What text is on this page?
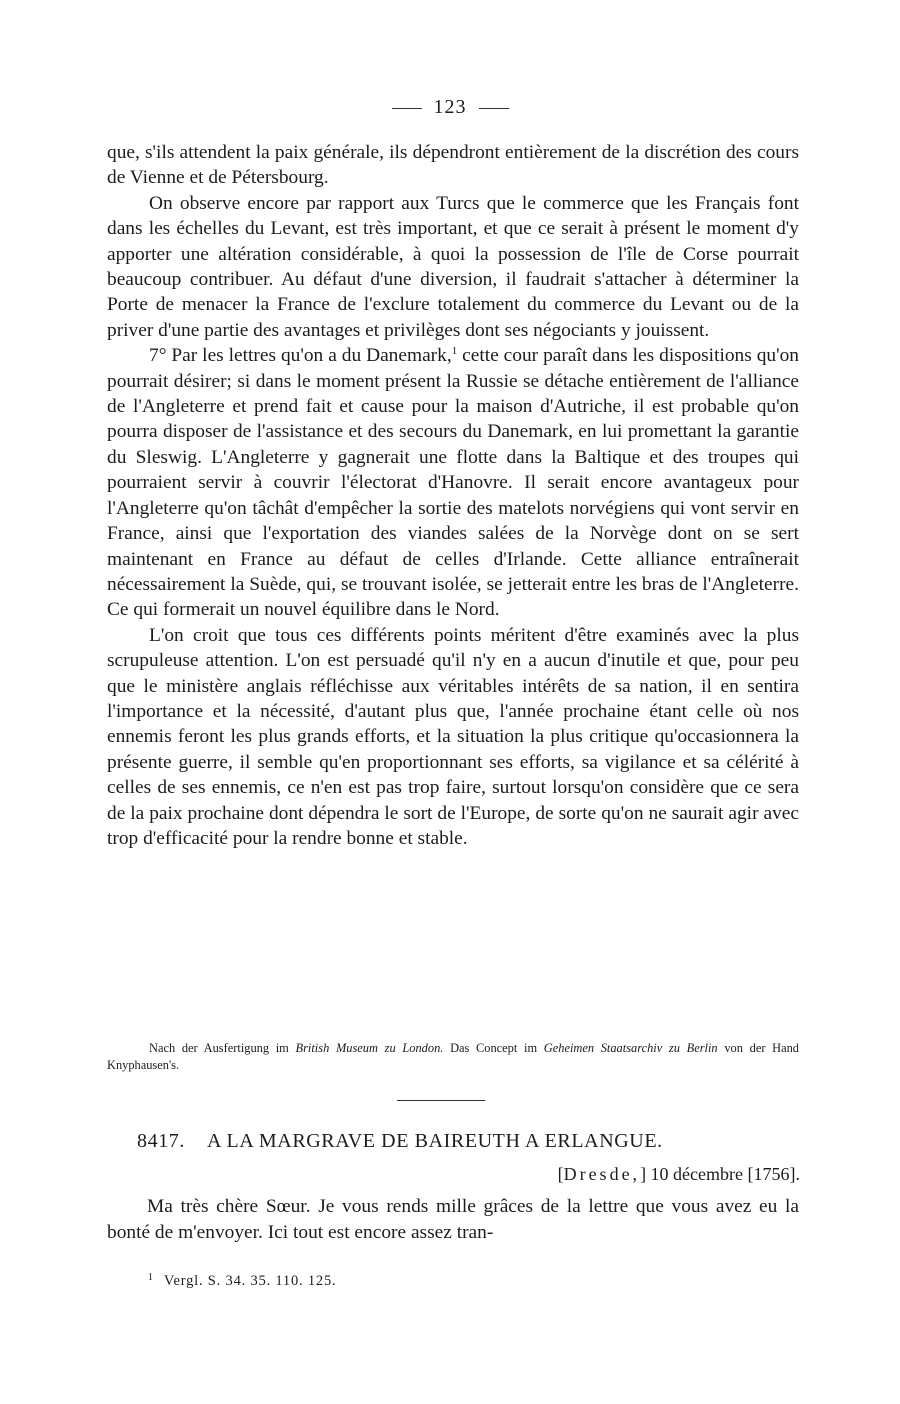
123

que, s'ils attendent la paix générale, ils dépendront entièrement de la discrétion des cours de Vienne et de Pétersbourg.

On observe encore par rapport aux Turcs que le commerce que les Français font dans les échelles du Levant, est très important, et que ce serait à présent le moment d'y apporter une altération considérable, à quoi la possession de l'île de Corse pourrait beaucoup contribuer. Au défaut d'une diversion, il faudrait s'attacher à déterminer la Porte de menacer la France de l'exclure totalement du commerce du Levant ou de la priver d'une partie des avantages et privilèges dont ses négociants y jouissent.

7° Par les lettres qu'on a du Danemark,$^1$ cette cour paraît dans les dispositions qu'on pourrait désirer; si dans le moment présent la Russie se détache entièrement de l'alliance de l'Angleterre et prend fait et cause pour la maison d'Autriche, il est probable qu'on pourra disposer de l'assistance et des secours du Danemark, en lui promettant la garantie du Sleswig. L'Angleterre y gagnerait une flotte dans la Baltique et des troupes qui pourraient servir à couvrir l'électorat d'Hanovre. Il serait encore avantageux pour l'Angleterre qu'on tâchât d'empêcher la sortie des matelots norvégiens qui vont servir en France, ainsi que l'exportation des viandes salées de la Norvège dont on se sert maintenant en France au défaut de celles d'Irlande. Cette alliance entraînerait nécessairement la Suède, qui, se trouvant isolée, se jetterait entre les bras de l'Angleterre. Ce qui formerait un nouvel équilibre dans le Nord.

L'on croit que tous ces différents points méritent d'être examinés avec la plus scrupuleuse attention. L'on est persuadé qu'il n'y en a aucun d'inutile et que, pour peu que le ministère anglais réfléchisse aux véritables intérêts de sa nation, il en sentira l'importance et la nécessité, d'autant plus que, l'année prochaine étant celle où nos ennemis feront les plus grands efforts, et la situation la plus critique qu'occasionnera la présente guerre, il semble qu'en proportionnant ses efforts, sa vigilance et sa célérité à celles de ses ennemis, ce n'en est pas trop faire, surtout lorsqu'on considère que ce sera de la paix prochaine dont dépendra le sort de l'Europe, de sorte qu'on ne saurait agir avec trop d'efficacité pour la rendre bonne et stable.

Nach der Ausfertigung im British Museum zu London. Das Concept im Geheimen Staatsarchiv zu Berlin von der Hand Knyphausen's.

8417. A LA MARGRAVE DE BAIREUTH A ERLANGUE.
[Dresde,] 10 décembre [1756].

Ma très chère Sœur. Je vous rends mille grâces de la lettre que vous avez eu la bonté de m'envoyer. Ici tout est encore assez tran-

$^1$ Vergl. S. 34. 35. 110. 125.
